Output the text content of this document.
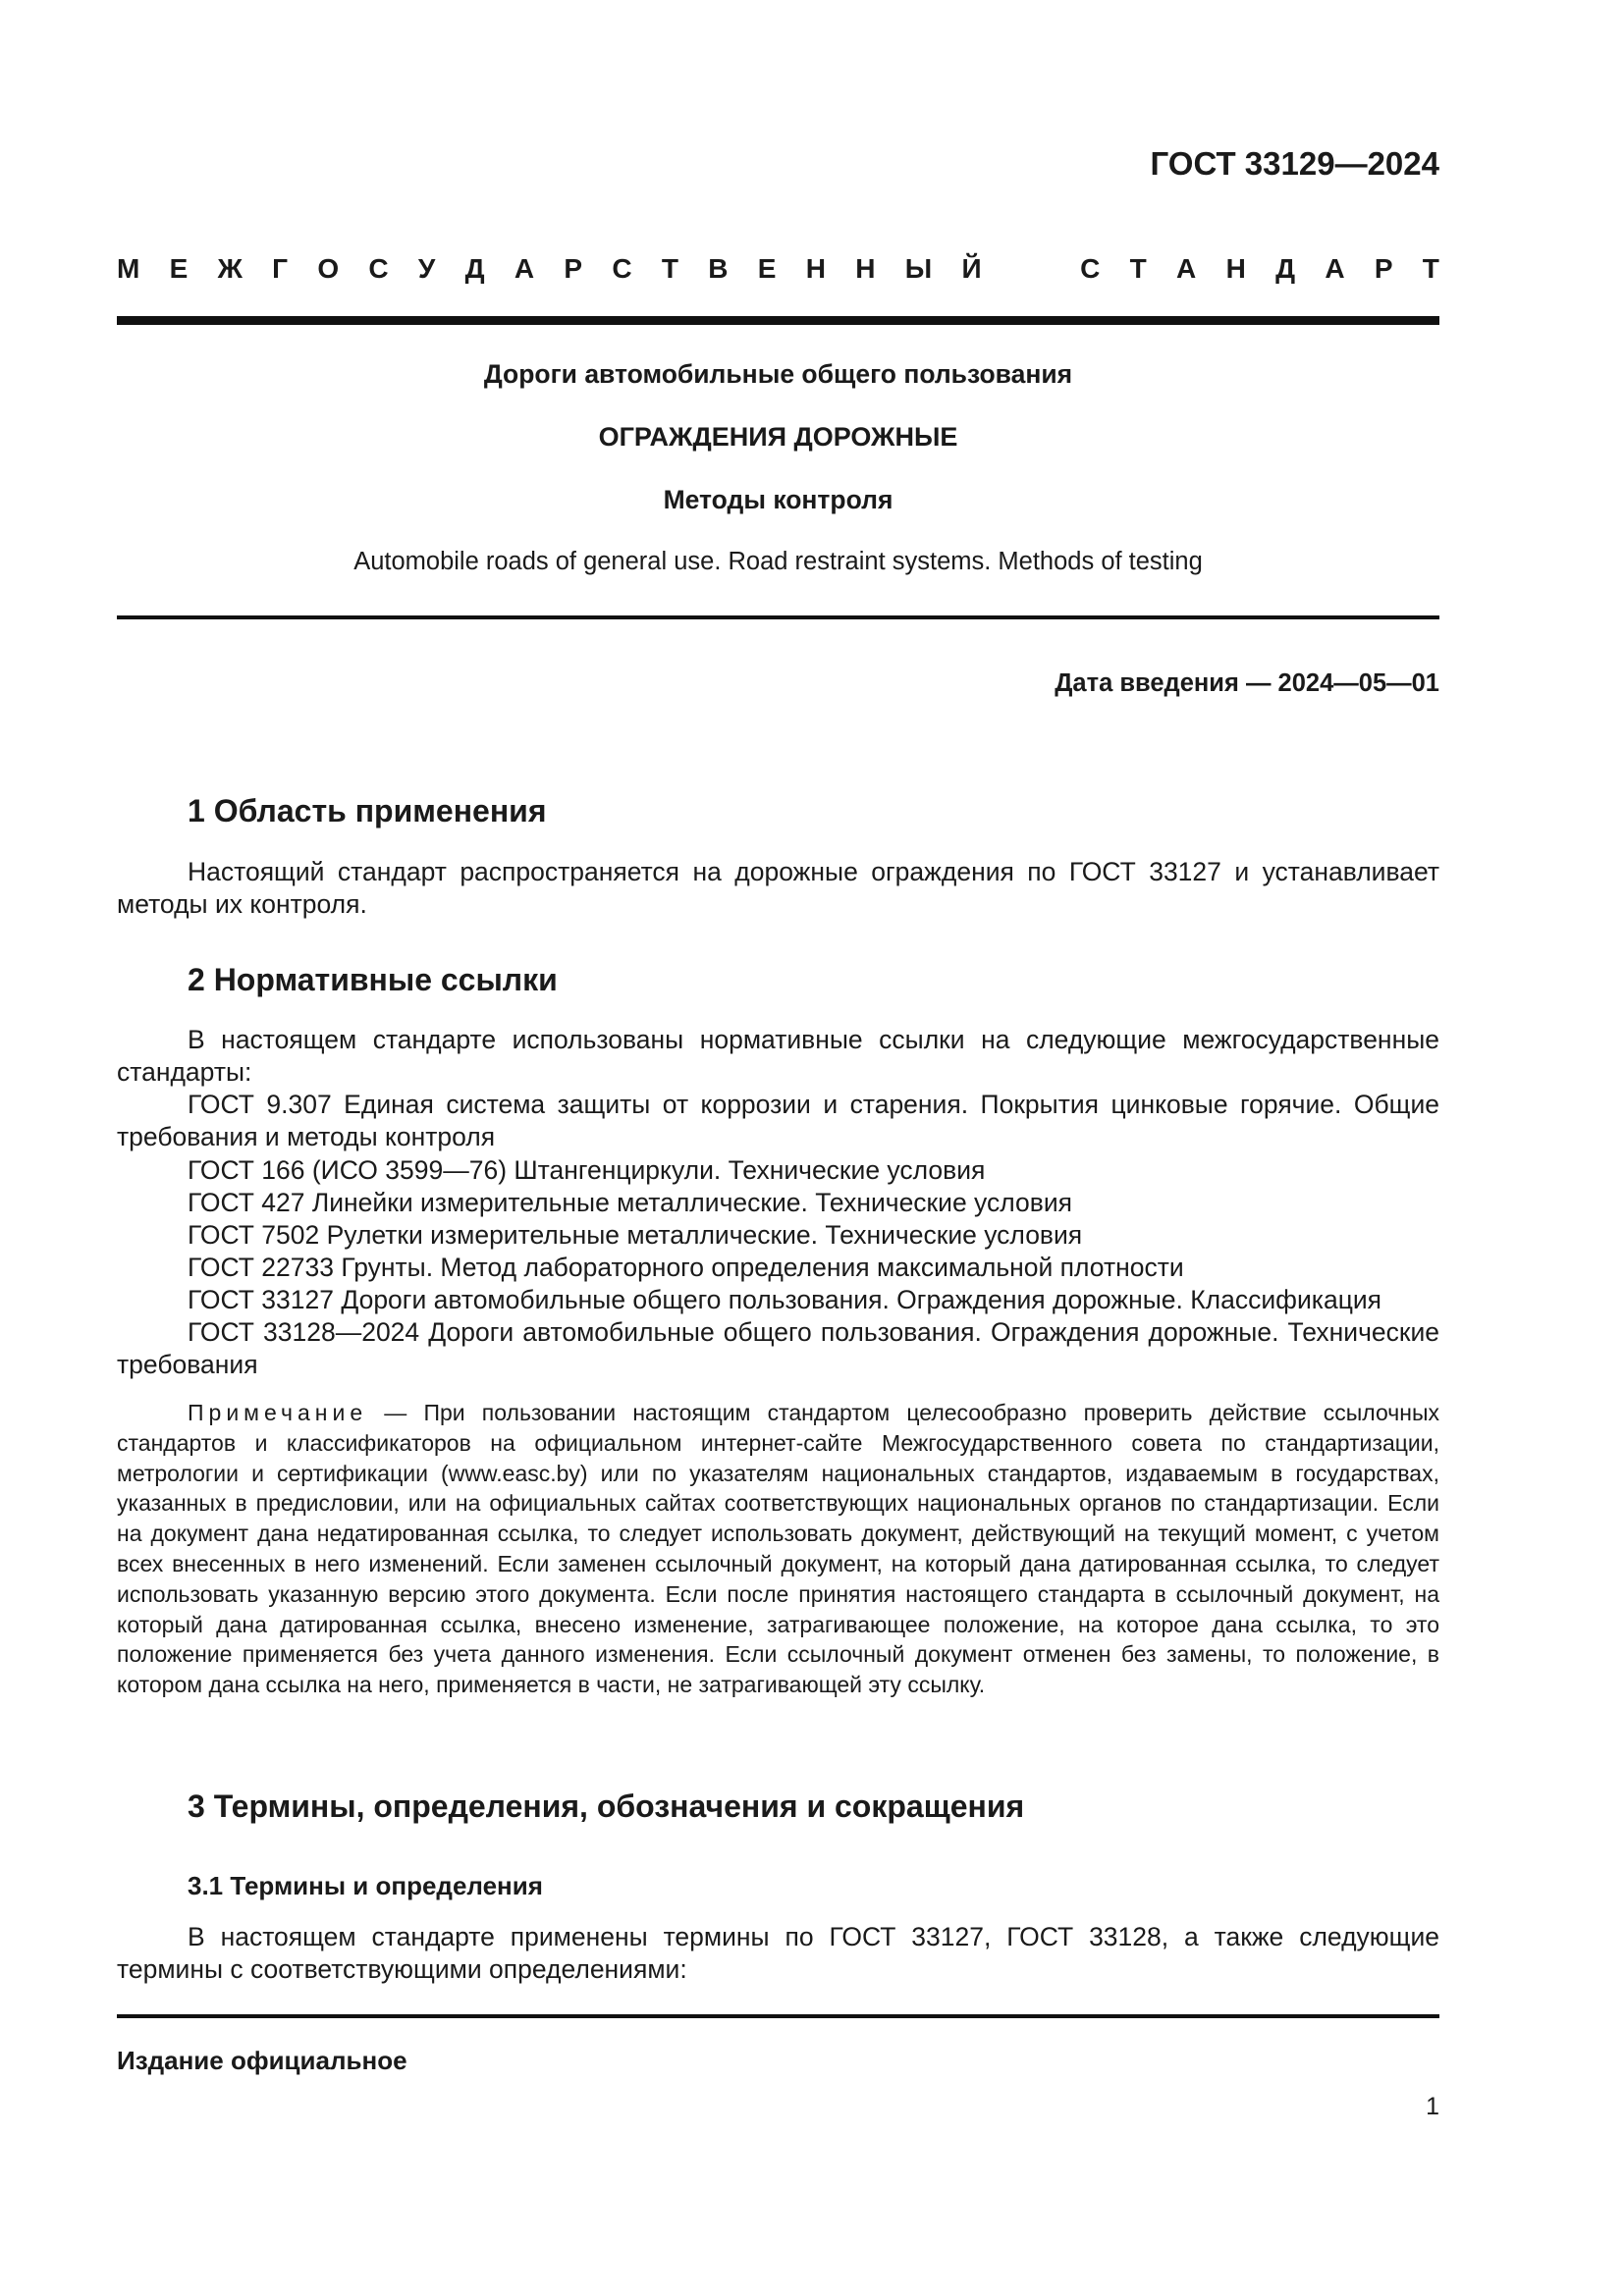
ГОСТ 33129—2024
М Е Ж Г О С У Д А Р С Т В Е Н Н Ы Й	С Т А Н Д А Р Т
Дороги автомобильные общего пользования
ОГРАЖДЕНИЯ ДОРОЖНЫЕ
Методы контроля
Automobile roads of general use. Road restraint systems. Methods of testing
Дата введения — 2024—05—01
1 Область применения
Настоящий стандарт распространяется на дорожные ограждения по ГОСТ 33127 и устанавливает методы их контроля.
2 Нормативные ссылки
В настоящем стандарте использованы нормативные ссылки на следующие межгосударственные стандарты:
ГОСТ 9.307 Единая система защиты от коррозии и старения. Покрытия цинковые горячие. Общие требования и методы контроля
ГОСТ 166 (ИСО 3599—76) Штангенциркули. Технические условия
ГОСТ 427 Линейки измерительные металлические. Технические условия
ГОСТ 7502 Рулетки измерительные металлические. Технические условия
ГОСТ 22733 Грунты. Метод лабораторного определения максимальной плотности
ГОСТ 33127 Дороги автомобильные общего пользования. Ограждения дорожные. Классификация
ГОСТ 33128—2024 Дороги автомобильные общего пользования. Ограждения дорожные. Технические требования
Примечание — При пользовании настоящим стандартом целесообразно проверить действие ссылочных стандартов и классификаторов на официальном интернет-сайте Межгосударственного совета по стандартизации, метрологии и сертификации (www.easc.by) или по указателям национальных стандартов, издаваемым в государствах, указанных в предисловии, или на официальных сайтах соответствующих национальных органов по стандартизации. Если на документ дана недатированная ссылка, то следует использовать документ, действующий на текущий момент, с учетом всех внесенных в него изменений. Если заменен ссылочный документ, на который дана датированная ссылка, то следует использовать указанную версию этого документа. Если после принятия настоящего стандарта в ссылочный документ, на который дана датированная ссылка, внесено изменение, затрагивающее положение, на которое дана ссылка, то это положение применяется без учета данного изменения. Если ссылочный документ отменен без замены, то положение, в котором дана ссылка на него, применяется в части, не затрагивающей эту ссылку.
3 Термины, определения, обозначения и сокращения
3.1 Термины и определения
В настоящем стандарте применены термины по ГОСТ 33127, ГОСТ 33128, а также следующие термины с соответствующими определениями:
Издание официальное
1
